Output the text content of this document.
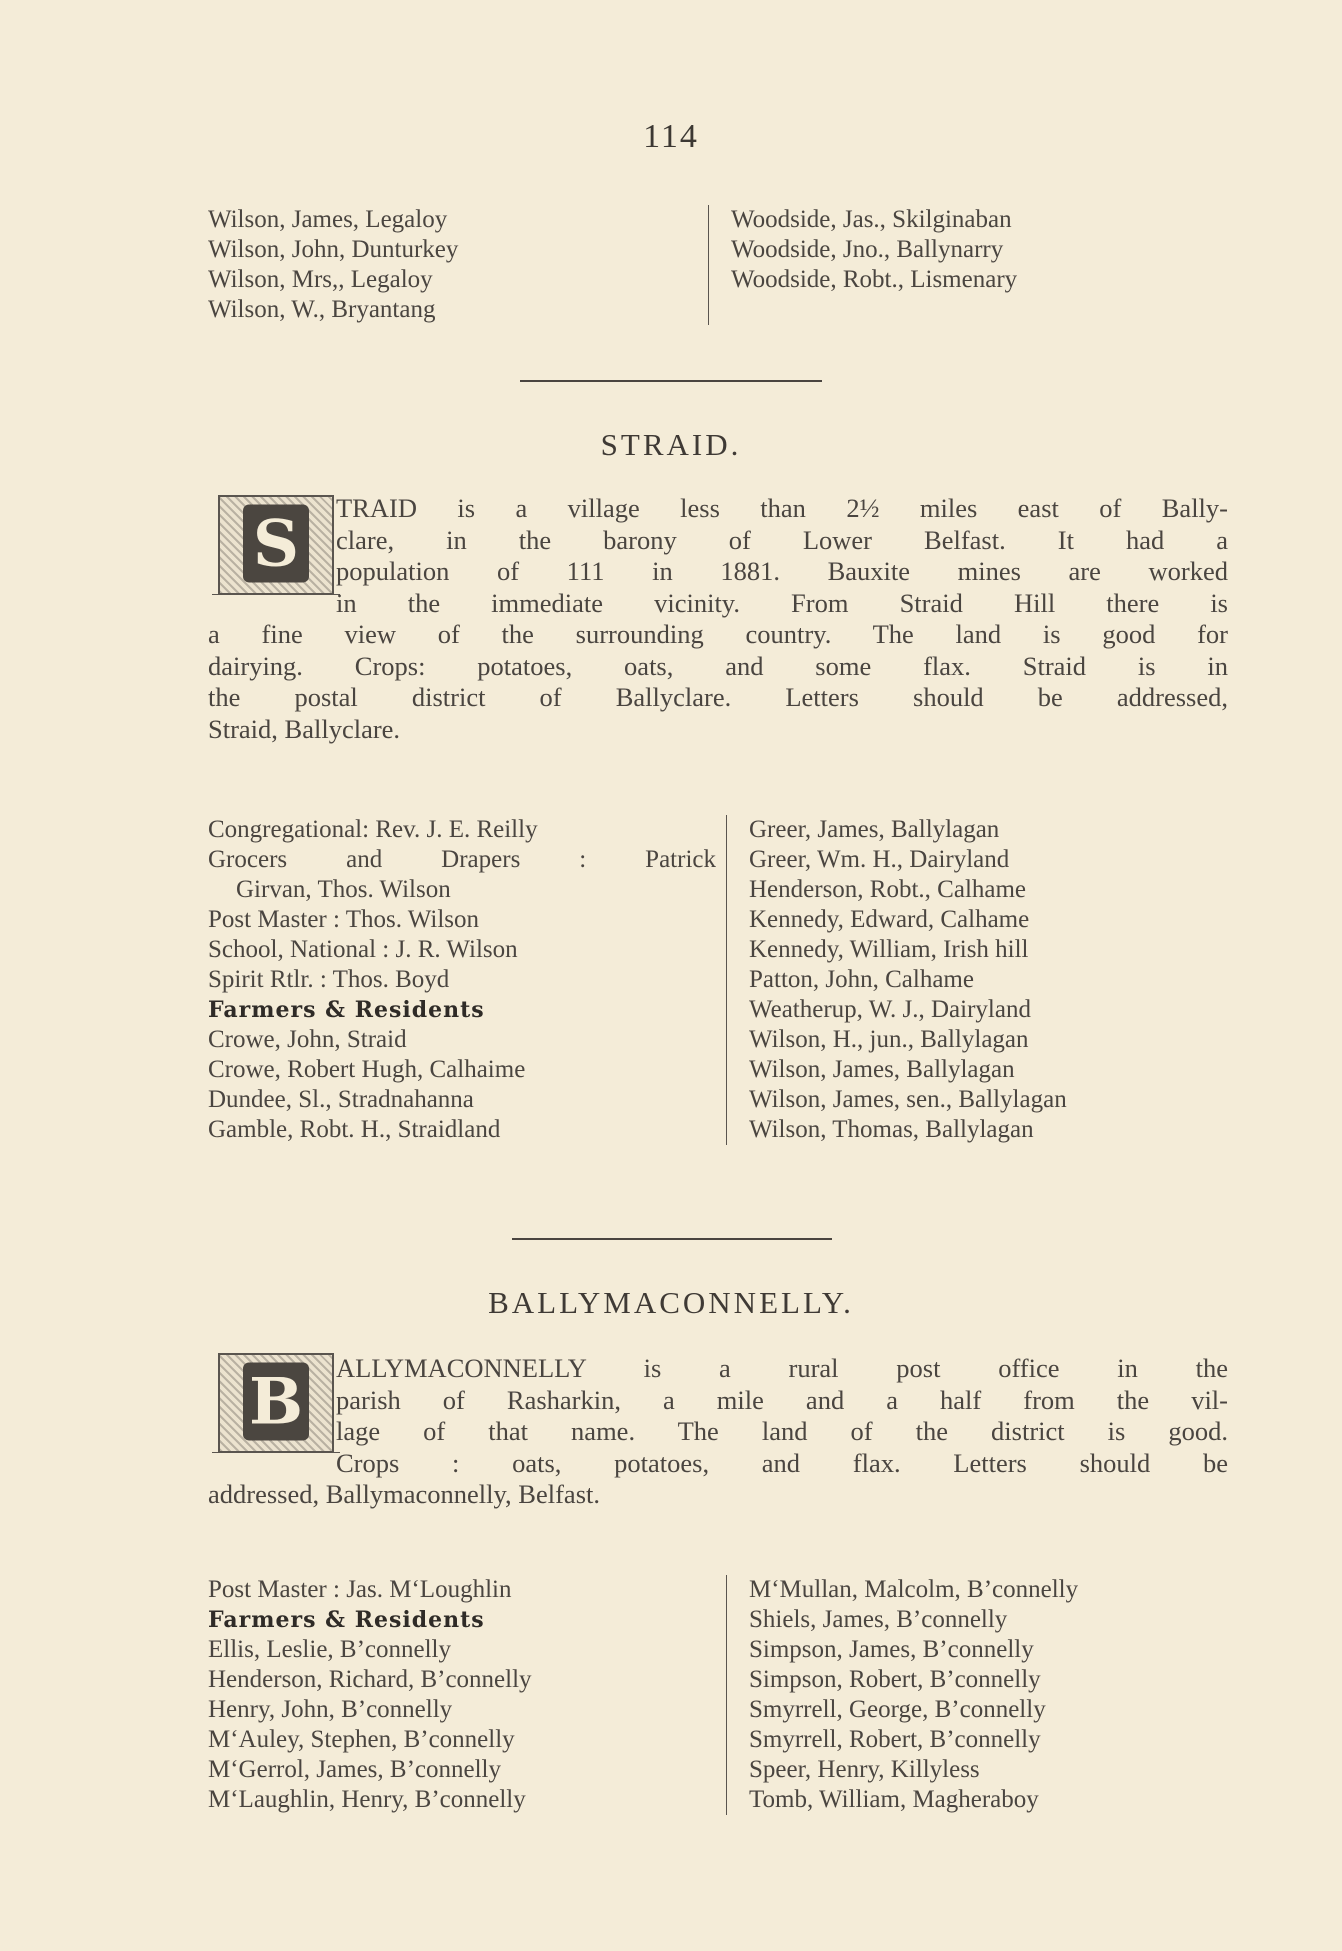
114
Wilson, James, Legaloy
Wilson, John, Dunturkey
Wilson, Mrs,, Legaloy
Wilson, W., Bryantang
Woodside, Jas., Skilginaban
Woodside, Jno., Ballynarry
Woodside, Robt., Lismenary
STRAID.
S	TRAID is a village less than 2½ miles east of Bally-
clare, in the barony of Lower Belfast. It had a
population of 111 in 1881. Bauxite mines are worked
in the immediate vicinity. From Straid Hill there is
a fine view of the surrounding country. The land is good for
dairying. Crops: potatoes, oats, and some flax. Straid is in
the postal district of Ballyclare. Letters should be addressed,
Straid, Ballyclare.
Congregational: Rev. J. E. Reilly
Grocers and Drapers : Patrick
Girvan, Thos. Wilson
Post Master : Thos. Wilson
School, National : J. R. Wilson
Spirit Rtlr. : Thos. Boyd
Farmers & Residents
Crowe, John, Straid
Crowe, Robert Hugh, Calhaime
Dundee, Sl., Stradnahanna
Gamble, Robt. H., Straidland
Greer, James, Ballylagan
Greer, Wm. H., Dairyland
Henderson, Robt., Calhame
Kennedy, Edward, Calhame
Kennedy, William, Irish hill
Patton, John, Calhame
Weatherup, W. J., Dairyland
Wilson, H., jun., Ballylagan
Wilson, James, Ballylagan
Wilson, James, sen., Ballylagan
Wilson, Thomas, Ballylagan
BALLYMACONNELLY.
B	ALLYMACONNELLY is a rural post office in the
parish of Rasharkin, a mile and a half from the vil-
lage of that name. The land of the district is good.
Crops : oats, potatoes, and flax. Letters should be
addressed, Ballymaconnelly, Belfast.
Post Master : Jas. M‘Loughlin
Farmers & Residents
Ellis, Leslie, B’connelly
Henderson, Richard, B’connelly
Henry, John, B’connelly
M‘Auley, Stephen, B’connelly
M‘Gerrol, James, B’connelly
M‘Laughlin, Henry, B’connelly
M‘Mullan, Malcolm, B’connelly
Shiels, James, B’connelly
Simpson, James, B’connelly
Simpson, Robert, B’connelly
Smyrrell, George, B’connelly
Smyrrell, Robert, B’connelly
Speer, Henry, Killyless
Tomb, William, Magheraboy
